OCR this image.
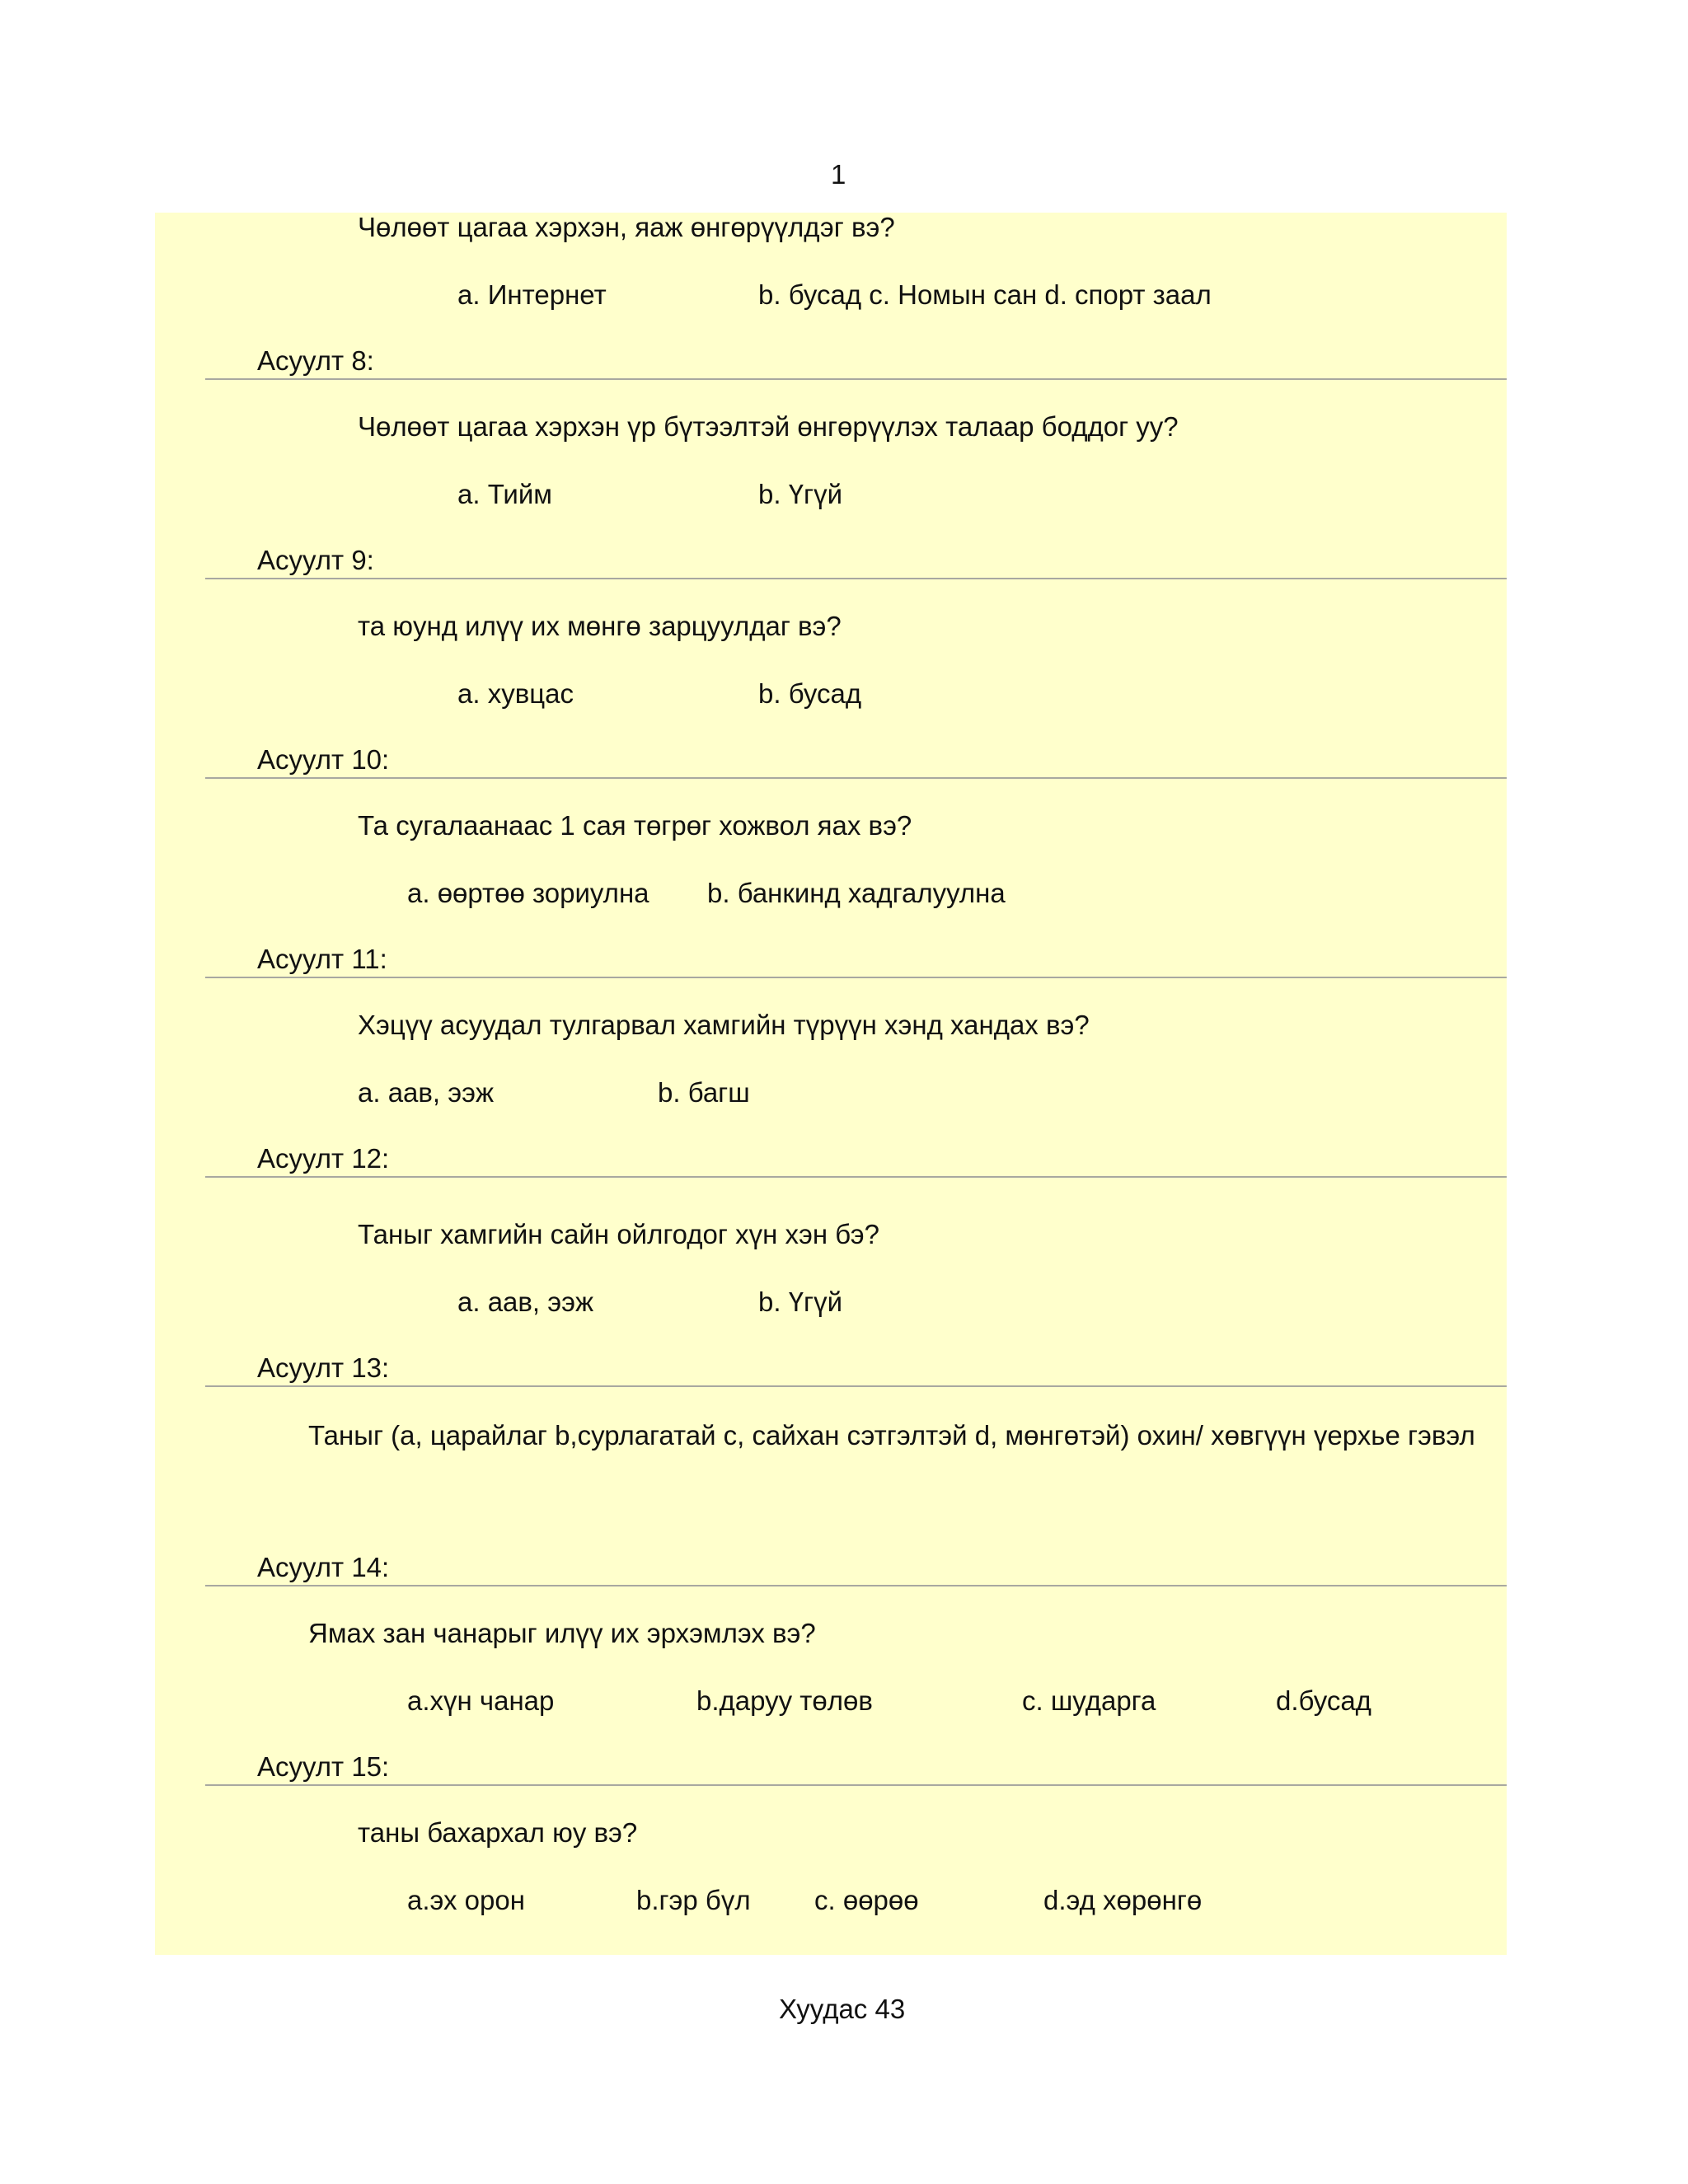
1
Чөлөөт цагаа хэрхэн, яаж өнгөрүүлдэг вэ?
a. Интернет	b. бусад c. Номын сан d. спорт заал
Асуулт 8:
Чөлөөт цагаа хэрхэн үр бүтээлтэй өнгөрүүлэх талаар боддог уу?
a. Тийм	b. Үгүй
Асуулт 9:
та юунд илүү их мөнгө зарцуулдаг вэ?
a. хувцас	b. бусад
Асуулт 10:
Та сугалаанаас 1 сая төгрөг хожвол яах вэ?
a. өөртөө зориулна b. банкинд хадгалуулна
Асуулт 11:
Хэцүү асуудал тулгарвал хамгийн түрүүн хэнд хандах вэ?
a. аав, ээж	b. багш
Асуулт 12:
Таныг хамгийн сайн ойлгодог хүн хэн бэ?
a. аав, ээж	b. Үгүй
Асуулт 13:
Таныг (a, царайлаг b,сурлагатай c, сайхан сэтгэлтэй d, мөнгөтэй) охин/ хөвгүүн үерхье гэвэл
Асуулт 14:
Ямах зан чанарыг илүү их эрхэмлэх вэ?
a.хүн чанар	b.даруу төлөв	c. шударга	d.бусад
Асуулт 15:
таны бахархал юу вэ?
a.эх орон	b.гэр бүл c. өөрөө	d.эд хөрөнгө
Хуудас 43
